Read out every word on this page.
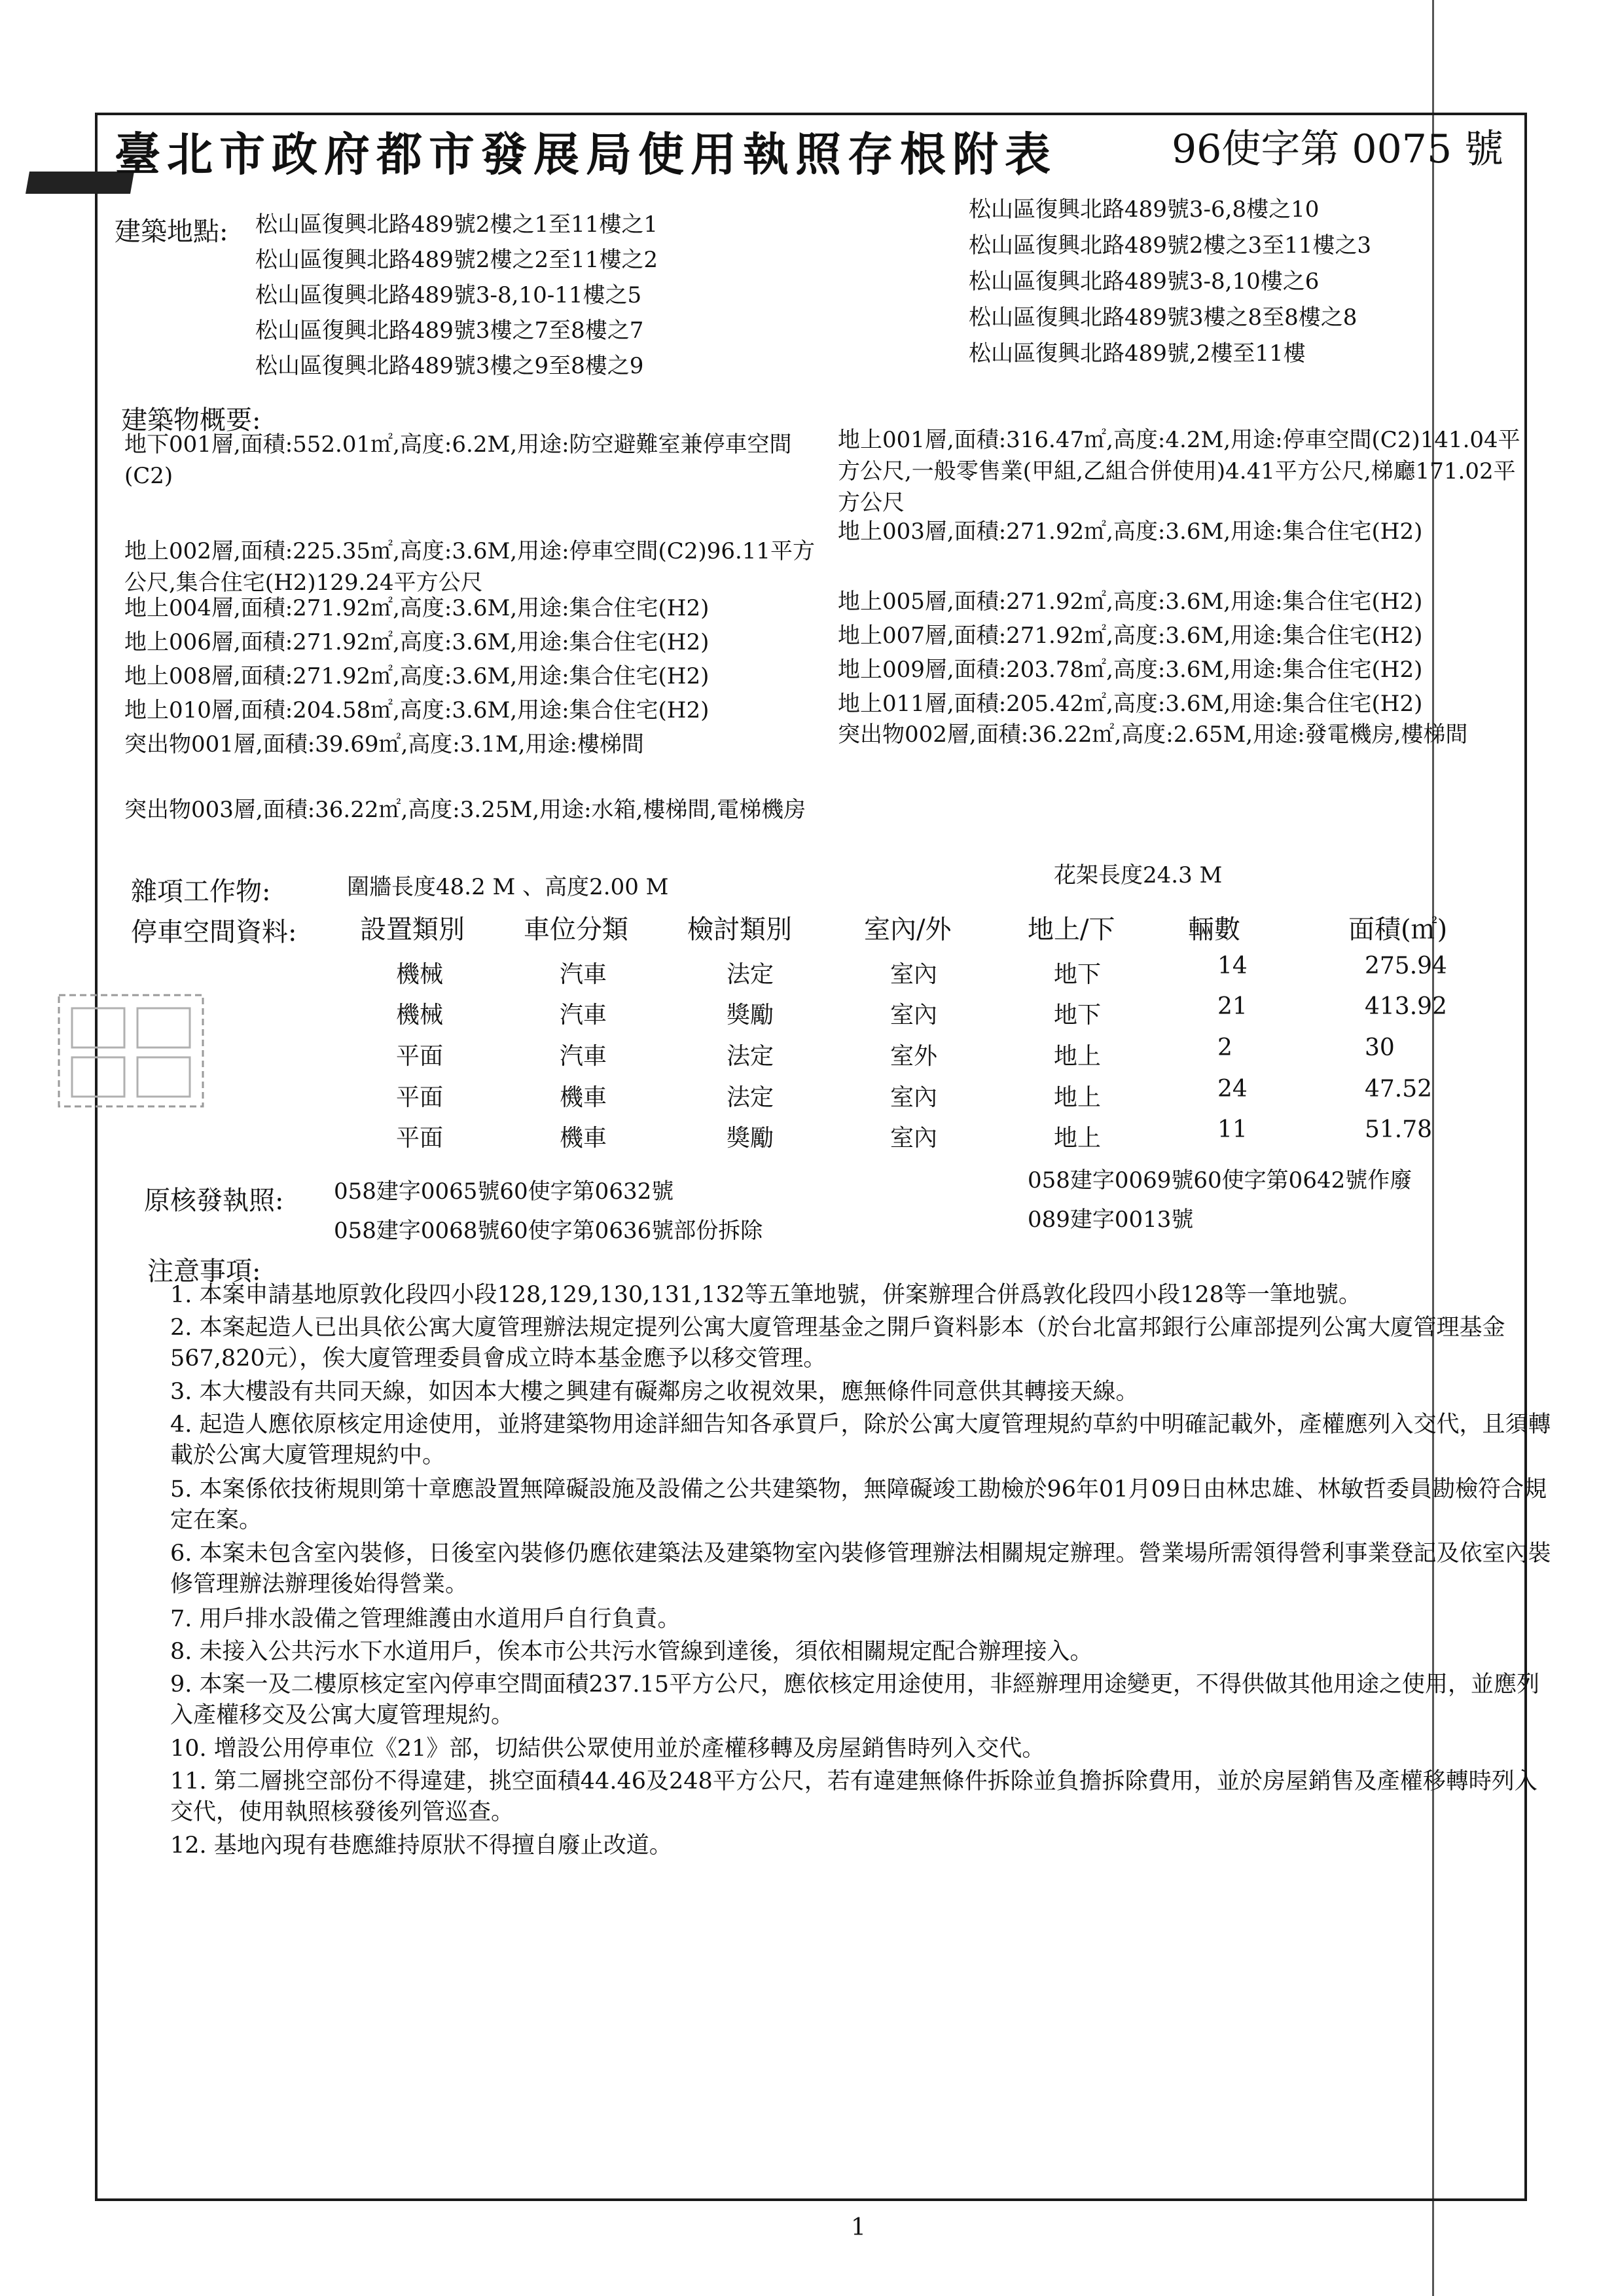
臺北市政府都市發展局使用執照存根附表	96使字第 0075 號
建築地點: 松山區復興北路489號2樓之1至11樓之1
松山區復興北路489號2樓之2至11樓之2
松山區復興北路489號3-8,10-11樓之5
松山區復興北路489號3樓之7至8樓之7
松山區復興北路489號3樓之9至8樓之9
松山區復興北路489號3-6,8樓之10
松山區復興北路489號2樓之3至11樓之3
松山區復興北路489號3-8,10樓之6
松山區復興北路489號3樓之8至8樓之8
松山區復興北路489號,2樓至11樓
建築物概要:
地下001層,面積:552.01㎡,高度:6.2M,用途:防空避難室兼停車空間(C2)
地上001層,面積:316.47㎡,高度:4.2M,用途:停車空間(C2)141.04平方公尺,一般零售業(甲組,乙組合併使用)4.41平方公尺,梯廳171.02平方公尺
地上002層,面積:225.35㎡,高度:3.6M,用途:停車空間(C2)96.11平方公尺,集合住宅(H2)129.24平方公尺
地上003層,面積:271.92㎡,高度:3.6M,用途:集合住宅(H2)
地上004層,面積:271.92㎡,高度:3.6M,用途:集合住宅(H2)	地上005層,面積:271.92㎡,高度:3.6M,用途:集合住宅(H2)
地上006層,面積:271.92㎡,高度:3.6M,用途:集合住宅(H2)	地上007層,面積:271.92㎡,高度:3.6M,用途:集合住宅(H2)
地上008層,面積:271.92㎡,高度:3.6M,用途:集合住宅(H2)	地上009層,面積:203.78㎡,高度:3.6M,用途:集合住宅(H2)
地上010層,面積:204.58㎡,高度:3.6M,用途:集合住宅(H2)	地上011層,面積:205.42㎡,高度:3.6M,用途:集合住宅(H2)
突出物001層,面積:39.69㎡,高度:3.1M,用途:樓梯間	突出物002層,面積:36.22㎡,高度:2.65M,用途:發電機房,樓梯間
突出物003層,面積:36.22㎡,高度:3.25M,用途:水箱,樓梯間,電梯機房
雜項工作物:	圍牆長度48.2 M 、高度2.00 M	花架長度24.3 M
停車空間資料: 設置類別 車位分類 檢討類別	室內/外	地上/下	輛數	面積(㎡)
機械	汽車	法定	室內	地下	14	275.94
機械	汽車	獎勵	室內	地下	21	413.92
平面	汽車	法定	室外	地上	2	30
平面	機車	法定	室內	地上	24	47.52
平面	機車	獎勵	室內	地上	11	51.78
原核發執照: 058建字0065號60使字第0632號	058建字0069號60使字第0642號作廢
058建字0068號60使字第0636號部份拆除	089建字0013號
注意事項:
1. 本案申請基地原敦化段四小段128,129,130,131,132等五筆地號，併案辦理合併爲敦化段四小段128等一筆地號。
2. 本案起造人已出具依公寓大廈管理辦法規定提列公寓大廈管理基金之開戶資料影本（於台北富邦銀行公庫部提列公寓大廈管理基金567,820元），俟大廈管理委員會成立時本基金應予以移交管理。
3. 本大樓設有共同天線，如因本大樓之興建有礙鄰房之收視效果，應無條件同意供其轉接天線。
4. 起造人應依原核定用途使用，並將建築物用途詳細告知各承買戶，除於公寓大廈管理規約草約中明確記載外，產權應列入交代，且須轉載於公寓大廈管理規約中。
5. 本案係依技術規則第十章應設置無障礙設施及設備之公共建築物，無障礙竣工勘檢於96年01月09日由林忠雄、林敏哲委員勘檢符合規定在案。
6. 本案未包含室內裝修，日後室內裝修仍應依建築法及建築物室內裝修管理辦法相關規定辦理。營業場所需領得營利事業登記及依室內裝修管理辦法辦理後始得營業。
7. 用戶排水設備之管理維護由水道用戶自行負責。
8. 未接入公共污水下水道用戶，俟本市公共污水管線到達後，須依相關規定配合辦理接入。
9. 本案一及二樓原核定室內停車空間面積237.15平方公尺，應依核定用途使用，非經辦理用途變更，不得供做其他用途之使用，並應列入產權移交及公寓大廈管理規約。
10. 增設公用停車位《21》部，切結供公眾使用並於產權移轉及房屋銷售時列入交代。
11. 第二層挑空部份不得違建，挑空面積44.46及248平方公尺，若有違建無條件拆除並負擔拆除費用，並於房屋銷售及產權移轉時列入交代，使用執照核發後列管巡查。
12. 基地內現有巷應維持原狀不得擅自廢止改道。
1
